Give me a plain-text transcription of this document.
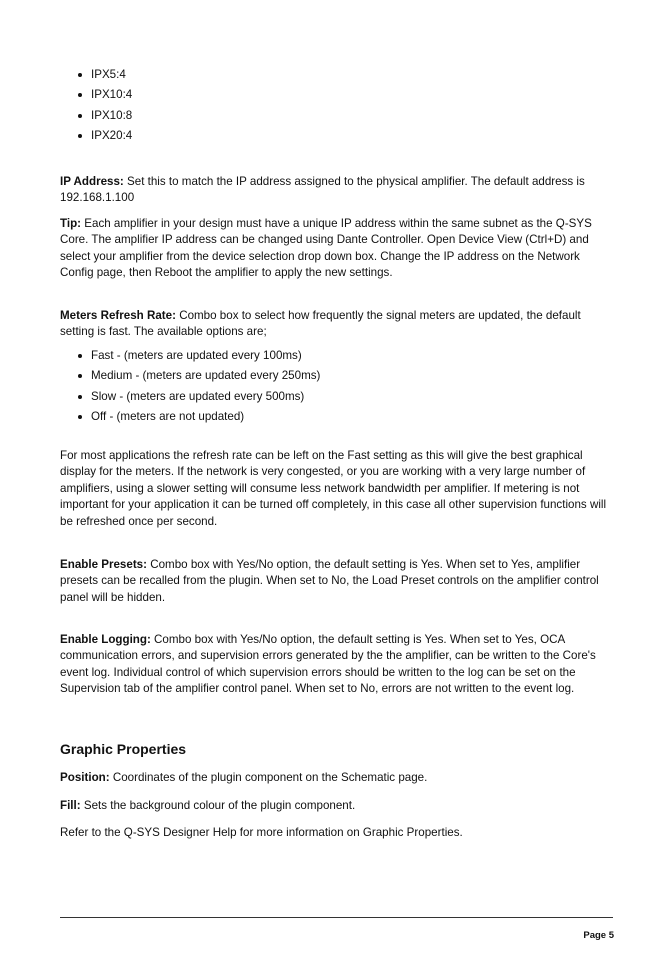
IPX5:4
IPX10:4
IPX10:8
IPX20:4

IP Address: Set this to match the IP address assigned to the physical amplifier. The default address is 192.168.1.100

Tip: Each amplifier in your design must have a unique IP address within the same subnet as the Q-SYS Core. The amplifier IP address can be changed using Dante Controller. Open Device View (Ctrl+D) and select your amplifier from the device selection drop down box. Change the IP address on the Network Config page, then Reboot the amplifier to apply the new settings.

Meters Refresh Rate: Combo box to select how frequently the signal meters are updated, the default setting is fast. The available options are;

Fast - (meters are updated every 100ms)
Medium - (meters are updated every 250ms)
Slow - (meters are updated every 500ms)
Off - (meters are not updated)

For most applications the refresh rate can be left on the Fast setting as this will give the best graphical display for the meters. If the network is very congested, or you are working with a very large number of amplifiers, using a slower setting will consume less network bandwidth per amplifier. If metering is not important for your application it can be turned off completely, in this case all other supervision functions will be refreshed once per second.

Enable Presets: Combo box with Yes/No option, the default setting is Yes. When set to Yes, amplifier presets can be recalled from the plugin. When set to No, the Load Preset controls on the amplifier control panel will be hidden.

Enable Logging: Combo box with Yes/No option, the default setting is Yes. When set to Yes, OCA communication errors, and supervision errors generated by the the amplifier, can be written to the Core's event log. Individual control of which supervision errors should be written to the log can be set on the Supervision tab of the amplifier control panel. When set to No, errors are not written to the event log.

Graphic Properties

Position: Coordinates of the plugin component on the Schematic page.

Fill: Sets the background colour of the plugin component.

Refer to the Q-SYS Designer Help for more information on Graphic Properties.

Page 5
